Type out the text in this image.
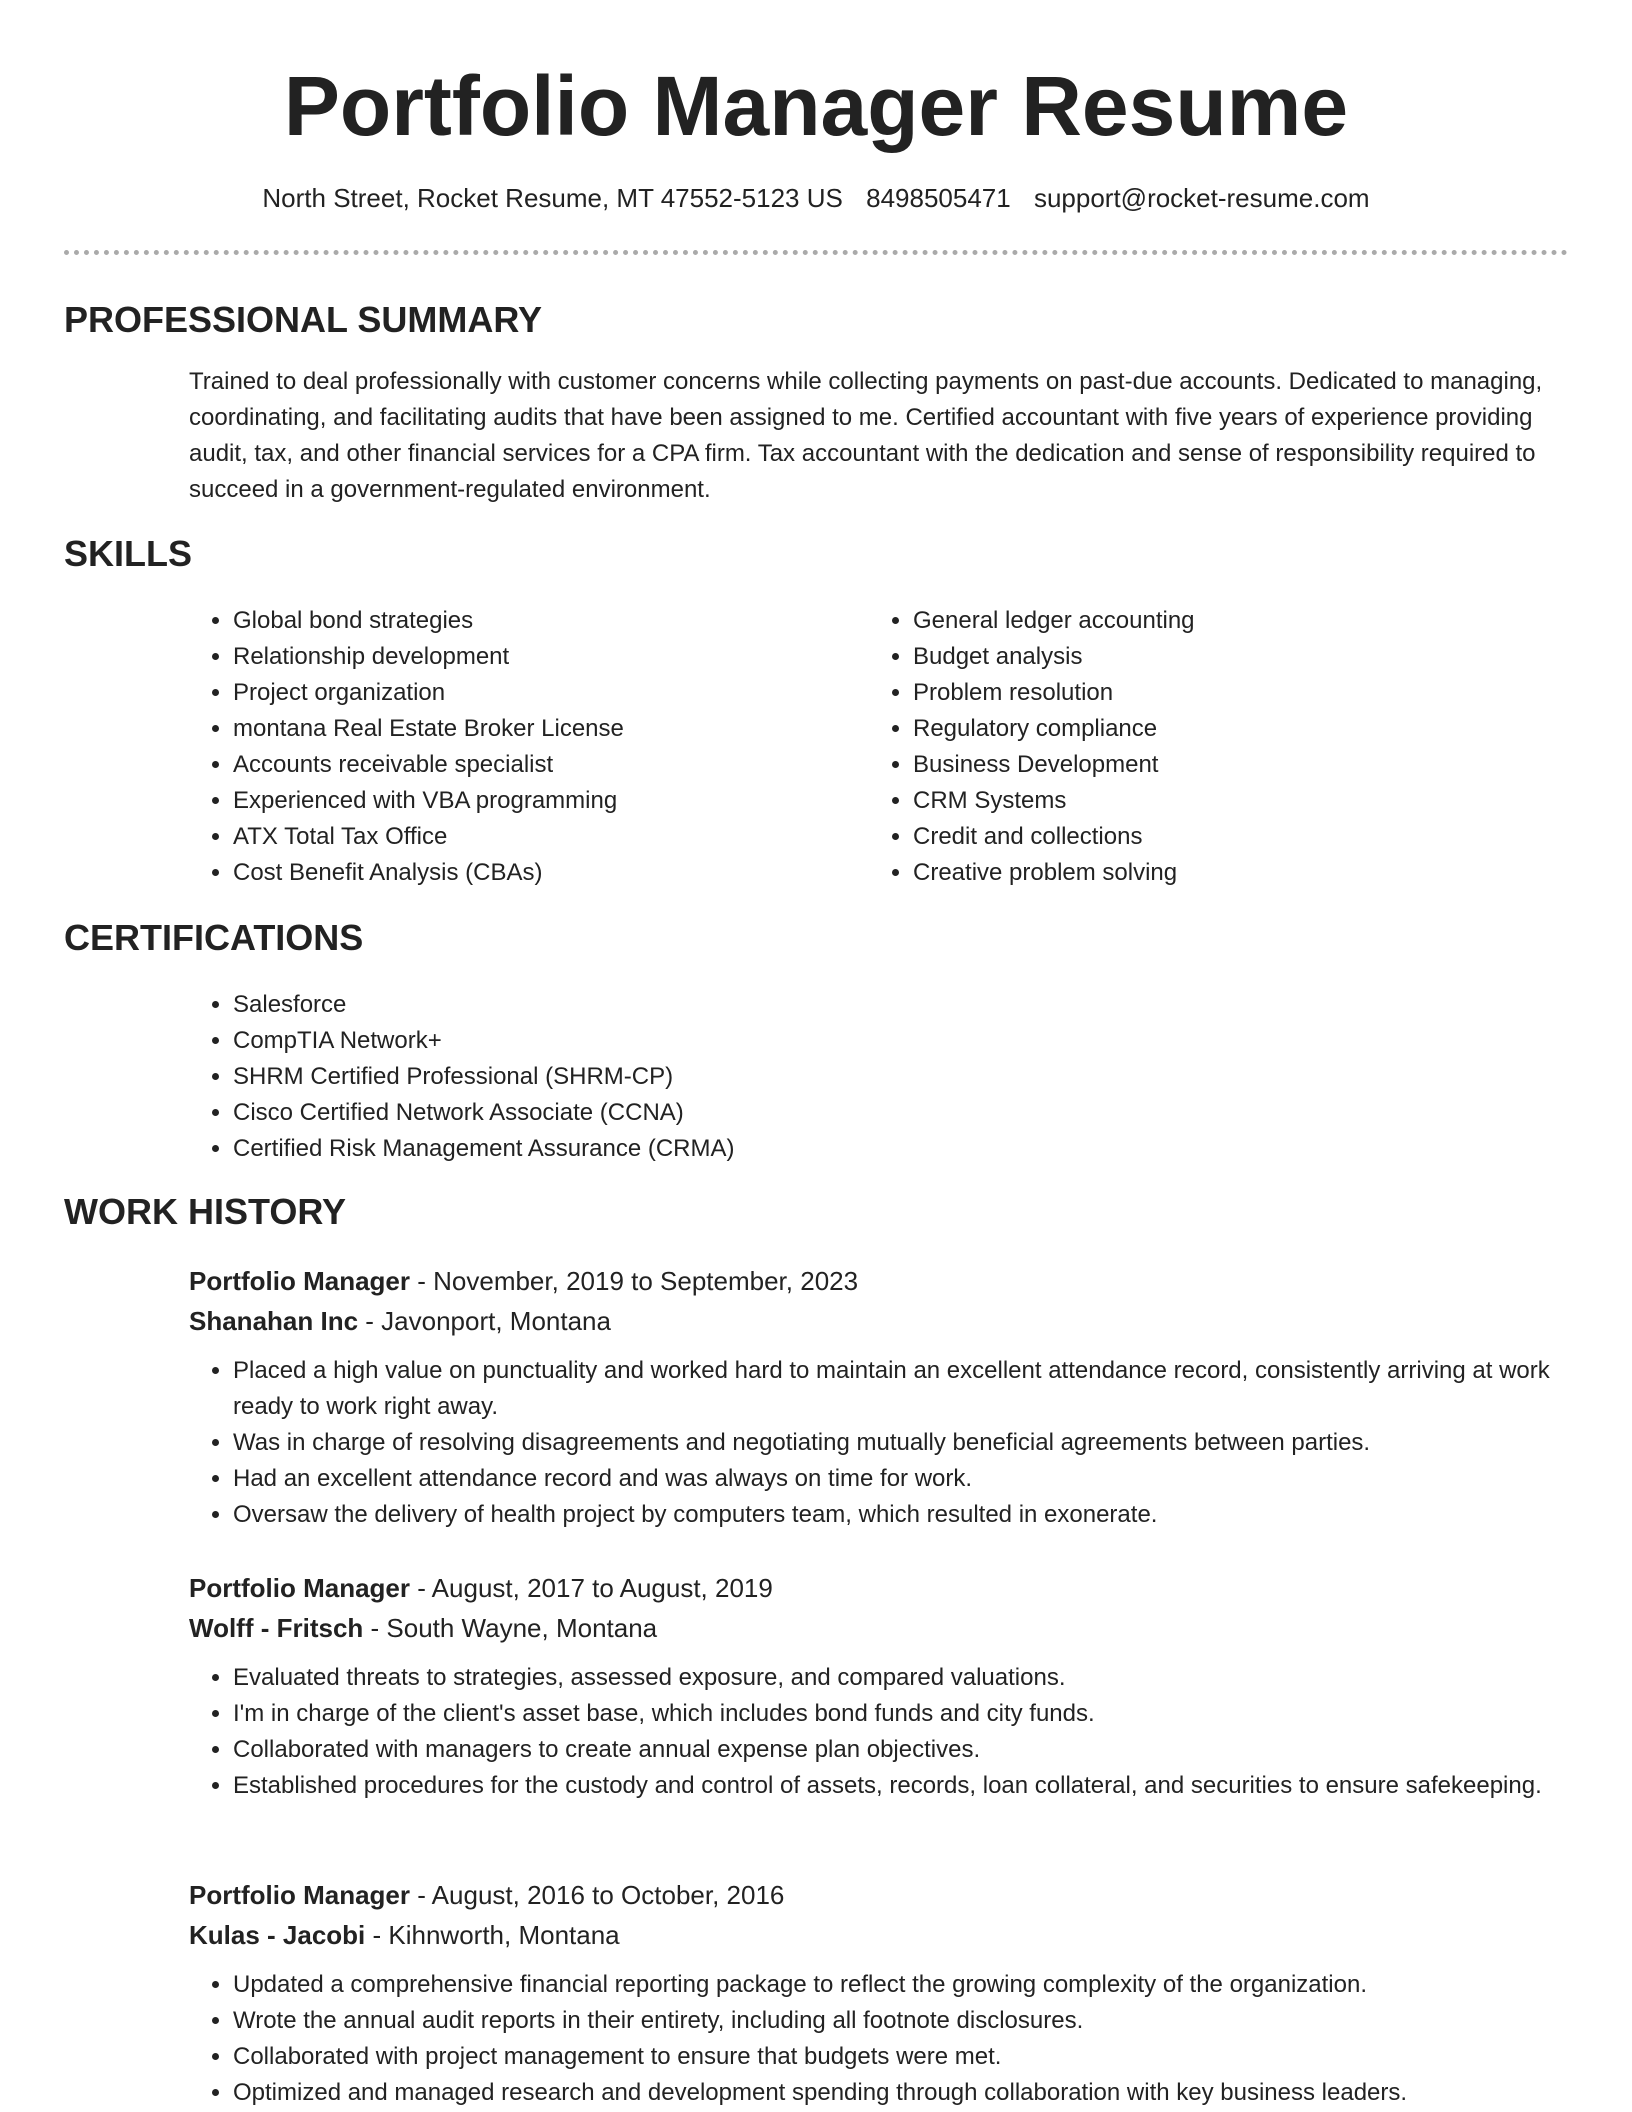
Portfolio Manager Resume
North Street, Rocket Resume, MT 47552-5123 US 8498505471 support@rocket-resume.com
PROFESSIONAL SUMMARY

Trained to deal professionally with customer concerns while collecting payments on past-due accounts. Dedicated to managing, coordinating, and facilitating audits that have been assigned to me. Certified accountant with five years of experience providing audit, tax, and other financial services for a CPA firm. Tax accountant with the dedication and sense of responsibility required to succeed in a government-regulated environment.

SKILLS
• Global bond strategies
• Relationship development
• Project organization
• montana Real Estate Broker License
• Accounts receivable specialist
• Experienced with VBA programming
• ATX Total Tax Office
• Cost Benefit Analysis (CBAs)
• General ledger accounting
• Budget analysis
• Problem resolution
• Regulatory compliance
• Business Development
• CRM Systems
• Credit and collections
• Creative problem solving
CERTIFICATIONS
• Salesforce
• CompTIA Network+
• SHRM Certified Professional (SHRM-CP)
• Cisco Certified Network Associate (CCNA)
• Certified Risk Management Assurance (CRMA)
WORK HISTORY
Portfolio Manager - November, 2019 to September, 2023
Shanahan Inc - Javonport, Montana
• Placed a high value on punctuality and worked hard to maintain an excellent attendance record, consistently arriving at work ready to work right away.
• Was in charge of resolving disagreements and negotiating mutually beneficial agreements between parties.
• Had an excellent attendance record and was always on time for work.
• Oversaw the delivery of health project by computers team, which resulted in exonerate.
Portfolio Manager - August, 2017 to August, 2019
Wolff - Fritsch - South Wayne, Montana
• Evaluated threats to strategies, assessed exposure, and compared valuations.
• I'm in charge of the client's asset base, which includes bond funds and city funds.
• Collaborated with managers to create annual expense plan objectives.
• Established procedures for the custody and control of assets, records, loan collateral, and securities to ensure safekeeping.
Portfolio Manager - August, 2016 to October, 2016
Kulas - Jacobi - Kihnworth, Montana
• Updated a comprehensive financial reporting package to reflect the growing complexity of the organization.
• Wrote the annual audit reports in their entirety, including all footnote disclosures.
• Collaborated with project management to ensure that budgets were met.
• Optimized and managed research and development spending through collaboration with key business leaders.
